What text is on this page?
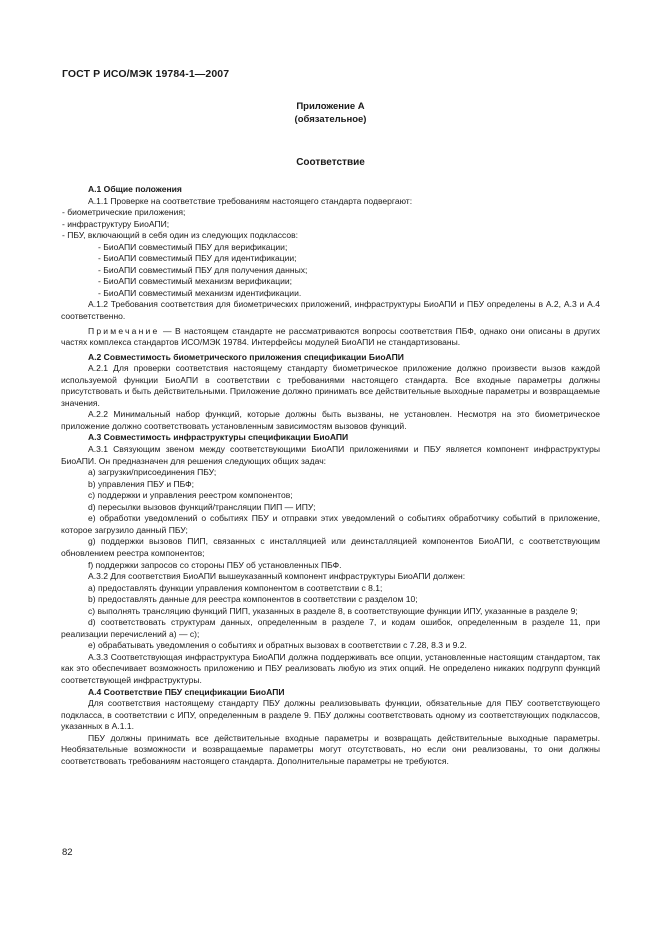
ГОСТ Р ИСО/МЭК 19784-1—2007
Приложение А
(обязательное)
Соответствие

А.1 Общие положения

А.1.1 Проверке на соответствие требованиям настоящего стандарта подвергают:

- биометрические приложения;

- инфраструктуру БиоАПИ;

- ПБУ, включающий в себя один из следующих подклассов:

- БиоАПИ совместимый ПБУ для верификации;

- БиоАПИ совместимый ПБУ для идентификации;

- БиоАПИ совместимый ПБУ для получения данных;

- БиоАПИ совместимый механизм верификации;

- БиоАПИ совместимый механизм идентификации.

А.1.2 Требования соответствия для биометрических приложений, инфраструктуры БиоАПИ и ПБУ определены в А.2, А.3 и А.4 соответственно.

Примечание — В настоящем стандарте не рассматриваются вопросы соответствия ПБФ, однако они описаны в других частях комплекса стандартов ИСО/МЭК 19784. Интерфейсы модулей БиоАПИ не стандартизованы.

А.2 Совместимость биометрического приложения спецификации БиоАПИ

А.2.1 Для проверки соответствия настоящему стандарту биометрическое приложение должно произвести вызов каждой используемой функции БиоАПИ в соответствии с требованиями настоящего стандарта. Все входные параметры должны присутствовать и быть действительными. Приложение должно принимать все действительные выходные параметры и возвращаемые значения.

А.2.2 Минимальный набор функций, которые должны быть вызваны, не установлен. Несмотря на это биометрическое приложение должно соответствовать установленным зависимостям вызовов функций.

А.3 Совместимость инфраструктуры спецификации БиоАПИ

А.3.1 Связующим звеном между соответствующими БиоАПИ приложениями и ПБУ является компонент инфраструктуры БиоАПИ. Он предназначен для решения следующих общих задач:

a) загрузки/присоединения ПБУ;

b) управления ПБУ и ПБФ;

c) поддержки и управления реестром компонентов;

d) пересылки вызовов функций/трансляции ПИП — ИПУ;

e) обработки уведомлений о событиях ПБУ и отправки этих уведомлений о событиях обработчику событий в приложение, которое загрузило данный ПБУ;

g) поддержки вызовов ПИП, связанных с инсталляцией или деинсталляцией компонентов БиоАПИ, с соответствующим обновлением реестра компонентов;

f) поддержки запросов со стороны ПБУ об установленных ПБФ.

А.3.2 Для соответствия БиоАПИ вышеуказанный компонент инфраструктуры БиоАПИ должен:

a) предоставлять функции управления компонентом в соответствии с 8.1;

b) предоставлять данные для реестра компонентов в соответствии с разделом 10;

c) выполнять трансляцию функций ПИП, указанных в разделе 8, в соответствующие функции ИПУ, указанные в разделе 9;

d) соответствовать структурам данных, определенным в разделе 7, и кодам ошибок, определенным в разделе 11, при реализации перечислений а) — с);

e) обрабатывать уведомления о событиях и обратных вызовах в соответствии с 7.28, 8.3 и 9.2.

А.3.3 Соответствующая инфраструктура БиоАПИ должна поддерживать все опции, установленные настоящим стандартом, так как это обеспечивает возможность приложению и ПБУ реализовать любую из этих опций. Не определено никаких подгрупп функций соответствующей инфраструктуры.

А.4 Соответствие ПБУ спецификации БиоАПИ

Для соответствия настоящему стандарту ПБУ должны реализовывать функции, обязательные для ПБУ соответствующего подкласса, в соответствии с ИПУ, определенным в разделе 9. ПБУ должны соответствовать одному из соответствующих подклассов, указанных в А.1.1.

ПБУ должны принимать все действительные входные параметры и возвращать действительные выходные параметры. Необязательные возможности и возвращаемые параметры могут отсутствовать, но если они реализованы, то они должны соответствовать требованиям настоящего стандарта. Дополнительные параметры не требуются.

82
